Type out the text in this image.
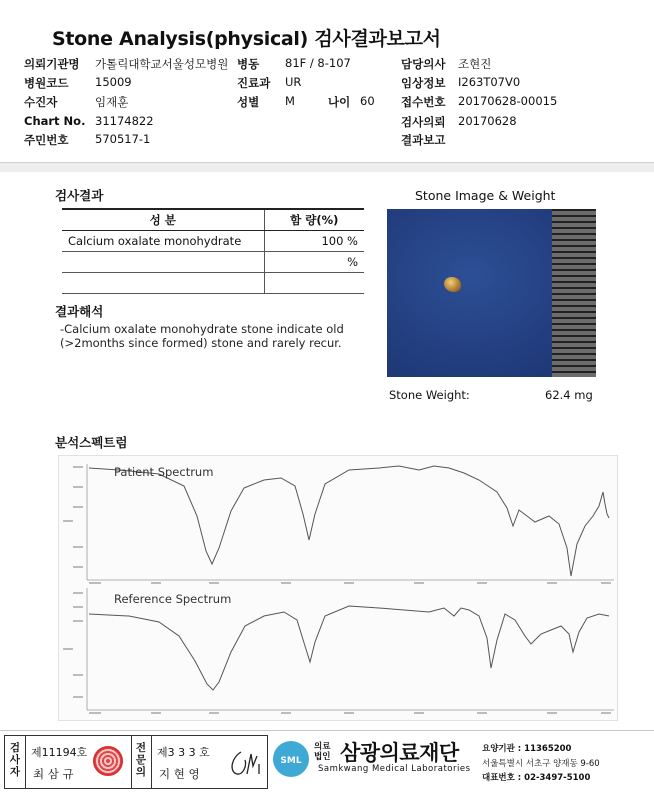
Stone Analysis(physical) 검사결과보고서
의뢰기관명 가톨릭대학교서울성모병원 병동 81F / 8-107	담당의사 조현진
병원코드 15009	진료과 UR	임상정보 I263T07V0
수진자	임재훈	성별 M	나이 60 접수번호 20170628-00015
Chart No. 31174822	검사의뢰 20170628
주민번호 570517-1	결과보고
검사결과
성 분	함 량(%)
Calcium oxalate monohydrate	100 %
	%

결과해석
-Calcium oxalate monohydrate stone indicate old
(>2months since formed) stone and rarely recur.
Stone Image & Weight
Stone Weight:	62.4 mg
분석스펙트럼
Patient Spectrum
Reference Spectrum
검
사
자
제11194호
최 삼 규
전
문
의
제3 3 3 호
지 현 영
SML
의료
법인 삼광의료재단
Samkwang Medical Laboratories
요양기관 : 11365200
서울특별시 서초구 양재동 9-60
대표번호 : 02-3497-5100
